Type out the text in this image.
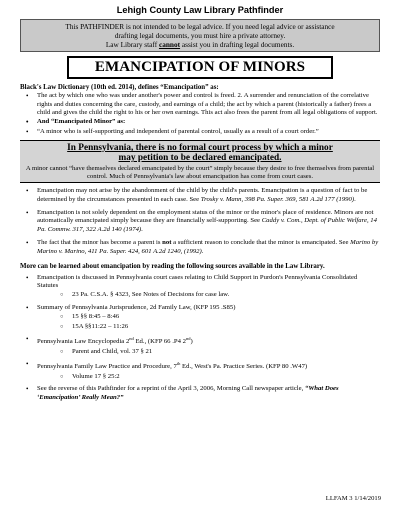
Lehigh County Law Library Pathfinder
This PATHFINDER is not intended to be legal advice. If you need legal advice or assistance
drafting legal documents, you must hire a private attorney.
Law Library staff cannot assist you in drafting legal documents.
EMANCIPATION OF MINORS
Black's Law Dictionary (10th ed. 2014), defines “Emancipation” as:
• The act by which one who was under another's power and control is freed. 2. A surrender and renunciation of the correlative rights and duties concerning the care, custody, and earnings of a child; the act by which a parent (historically a father) frees a child and gives the child the right to his or her own earnings. This act also frees the parent from all legal obligations of support.
• And “Emancipated Minor” as:
• “A minor who is self-supporting and independent of parental control, usually as a result of a court order.”
In Pennsylvania, there is no formal court process by which a minor
may petition to be declared emancipated.
A minor cannot “have themselves declared emancipated by the court” simply because they desire to free themselves from parental control. Much of Pennsylvania's law about emancipation has come from court cases.
• Emancipation may not arise by the abandonment of the child by the child's parents. Emancipation is a question of fact to be determined by the circumstances presented in each case. See Trosky v. Mann, 398 Pa. Super. 369, 581 A.2d 177 (1990).
• Emancipation is not solely dependent on the employment status of the minor or the minor's place of residence. Minors are not automatically emancipated simply because they are financially self-supporting. See Caddy v. Com., Dept. of Public Welfare, 14 Pa. Commw. 317, 322 A.2d 140 (1974).
• The fact that the minor has become a parent is not a sufficient reason to conclude that the minor is emancipated. See Marino by Marino v. Marino, 411 Pa. Super. 424, 601 A.2d 1240, (1992).
More can be learned about emancipation by reading the following sources available in the Law Library.
• Emancipation is discussed in Pennsylvania court cases relating to Child Support in Purdon's Pennsylvania Consolidated Statutes
○ 23 Pa. C.S.A. § 4323, See Notes of Decisions for case law.
• Summary of Pennsylvania Jurisprudence, 2d Family Law, (KFP 195 .S85)
○ 15 §§ 8:45 – 8:46
○ 15A §§11:22 – 11:26
• Pennsylvania Law Encyclopedia 2nd Ed., (KFP 66 .P4 2nd)
○ Parent and Child, vol. 37 § 21
• Pennsylvania Family Law Practice and Procedure, 7th Ed., West's Pa. Practice Series. (KFP 80 .W47)
○ Volume 17 § 25:2
• See the reverse of this Pathfinder for a reprint of the April 3, 2006, Morning Call newspaper article, “What Does ‘Emancipation’ Really Mean?”
LLFAM 3 1/14/2019
